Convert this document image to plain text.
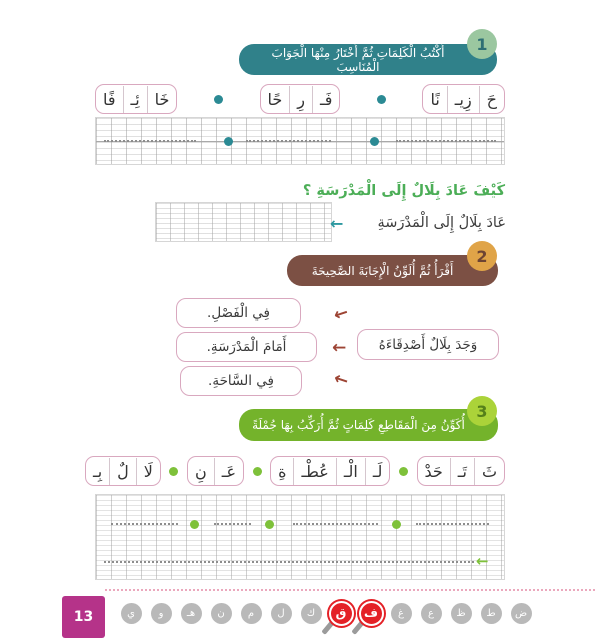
أَكْتُبُ الْكَلِمَاتِ ثُمَّ أَخْتَارُ مِنْهَا الْجَوَابَ الْمُنَاسِبَ
1
حَ
زِيـ
نًا
فَـ
رِ
حًا
خَا
ئِـ
فًا
كَيْفَ عَادَ بِلَالٌ إِلَى الْمَدْرَسَةِ ؟
← عَادَ بِلَالٌ إِلَى الْمَدْرَسَةِ
أَقْرَأُ ثُمَّ أُلَوِّنُ الْإِجَابَةَ الصَّحِيحَةَ
2
وَجَدَ بِلَالٌ أَصْدِقَاءَهُ
←
←
←
فِي الْفَصْلِ.
أَمَامَ الْمَدْرَسَةِ.
فِي السَّاحَةِ.
أُكَوِّنُ مِنَ الْمَقَاطِعِ كَلِمَاتٍ ثُمَّ أُرَكِّبُ بِهَا جُمْلَةً
3
ثَ
تَـ
حَدْ
لَـ
الْـ
عُطْـ
ةِ
عَـ
نِ
لَا
لٌ
بِـ
←
13	ض
ط
ظ
ع
غ
ف
ق
ك
ل
م
ن
هـ
و
ي
